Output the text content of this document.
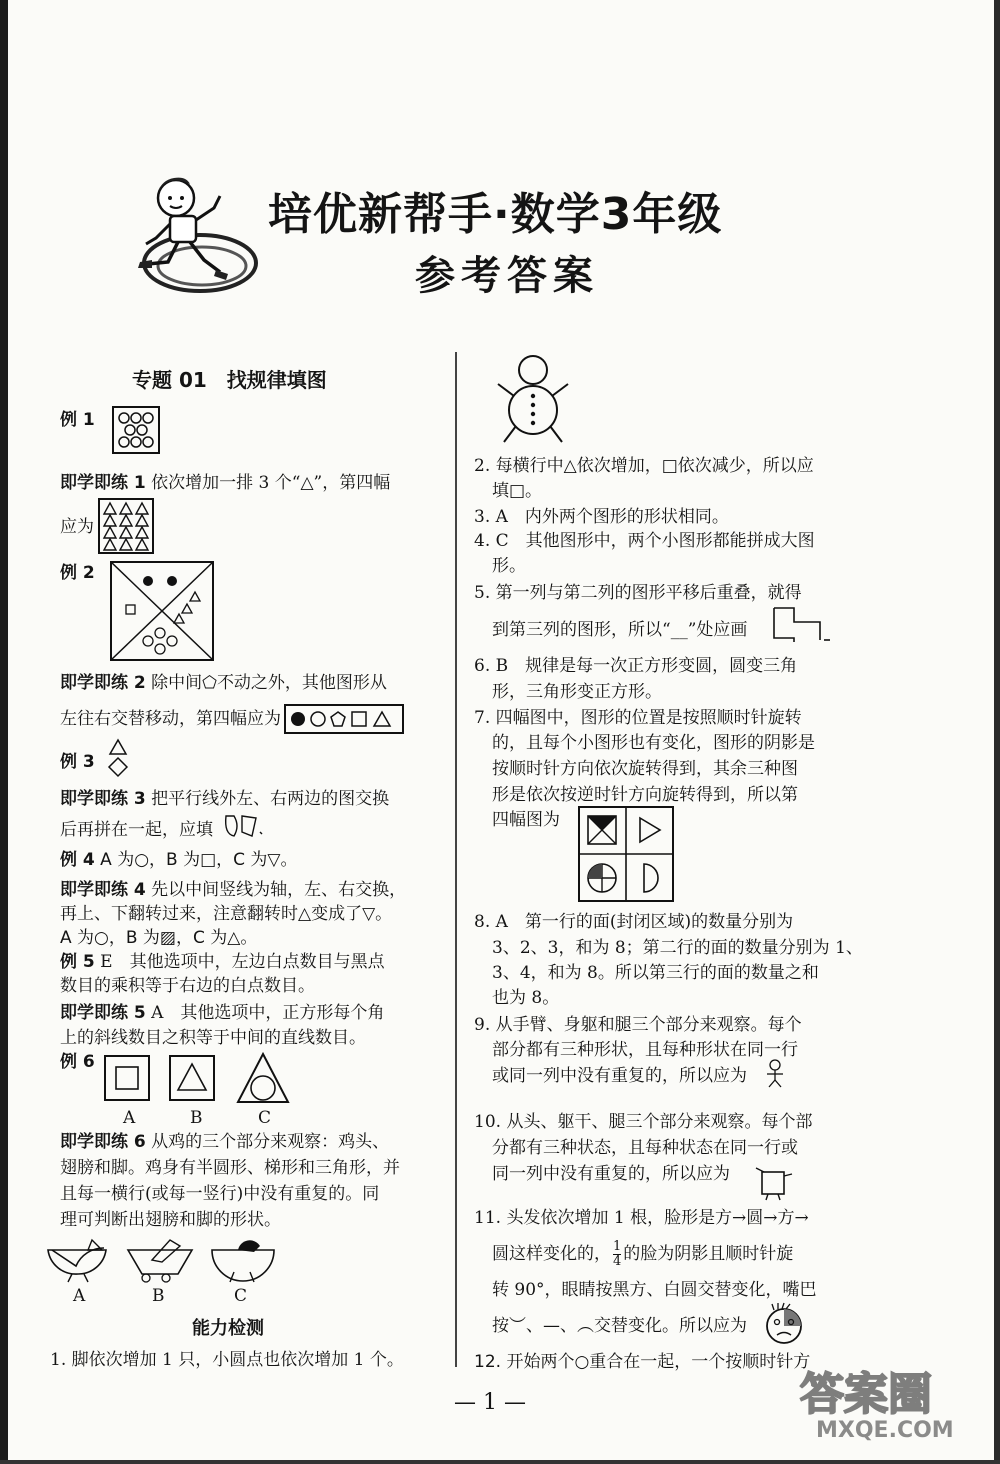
培优新帮手·数学3年级
参考答案
专题 01　找规律填图
例 1
即学即练 1 依次增加一排 3 个“△”，第四幅
应为
例 2
即学即练 2 除中间⬠不动之外，其他图形从
左往右交替移动，第四幅应为
例 3
即学即练 3 把平行线外左、右两边的图交换
后再拼在一起，应填
例 4 A 为○，B 为□，C 为▽。
即学即练 4 先以中间竖线为轴，左、右交换，
再上、下翻转过来，注意翻转时△变成了▽。
A 为○，B 为▨，C 为△。
例 5 E　其他选项中，左边白点数目与黑点
数目的乘积等于右边的白点数目。
即学即练 5 A　其他选项中，正方形每个角
上的斜线数目之积等于中间的直线数目。
例 6
A	B	C
即学即练 6 从鸡的三个部分来观察：鸡头、
翅膀和脚。鸡身有半圆形、梯形和三角形，并
且每一横行(或每一竖行)中没有重复的。同
理可判断出翅膀和脚的形状。
A	B	C
能力检测
1. 脚依次增加 1 只，小圆点也依次增加 1 个。
2. 每横行中△依次增加，□依次减少，所以应
填□。
3. A　内外两个图形的形状相同。
4. C　其他图形中，两个小图形都能拼成大图
形。
5. 第一列与第二列的图形平移后重叠，就得
到第三列的图形，所以“__”处应画
6. B　规律是每一次正方形变圆，圆变三角
形，三角形变正方形。
7. 四幅图中，图形的位置是按照顺时针旋转
的，且每个小图形也有变化，图形的阴影是
按顺时针方向依次旋转得到，其余三种图
形是依次按逆时针方向旋转得到，所以第
四幅图为
8. A　第一行的面(封闭区域)的数量分别为
3、2、3，和为 8；第二行的面的数量分别为 1、
3、4，和为 8。所以第三行的面的数量之和
也为 8。
9. 从手臂、身躯和腿三个部分来观察。每个
部分都有三种形状，且每种形状在同一行
或同一列中没有重复的，所以应为
10. 从头、躯干、腿三个部分来观察。每个部
分都有三种状态，且每种状态在同一行或
同一列中没有重复的，所以应为
11. 头发依次增加 1 根，脸形是方→圆→方→
圆这样变化的， $\frac{1}{4}$ 的脸为阴影且顺时针旋
转 90°，眼睛按黑方、白圆交替变化，嘴巴
按︶、—、︵交替变化。所以应为
12. 开始两个○重合在一起，一个按顺时针方
— 1 —	答案圈
MXQE.COM
